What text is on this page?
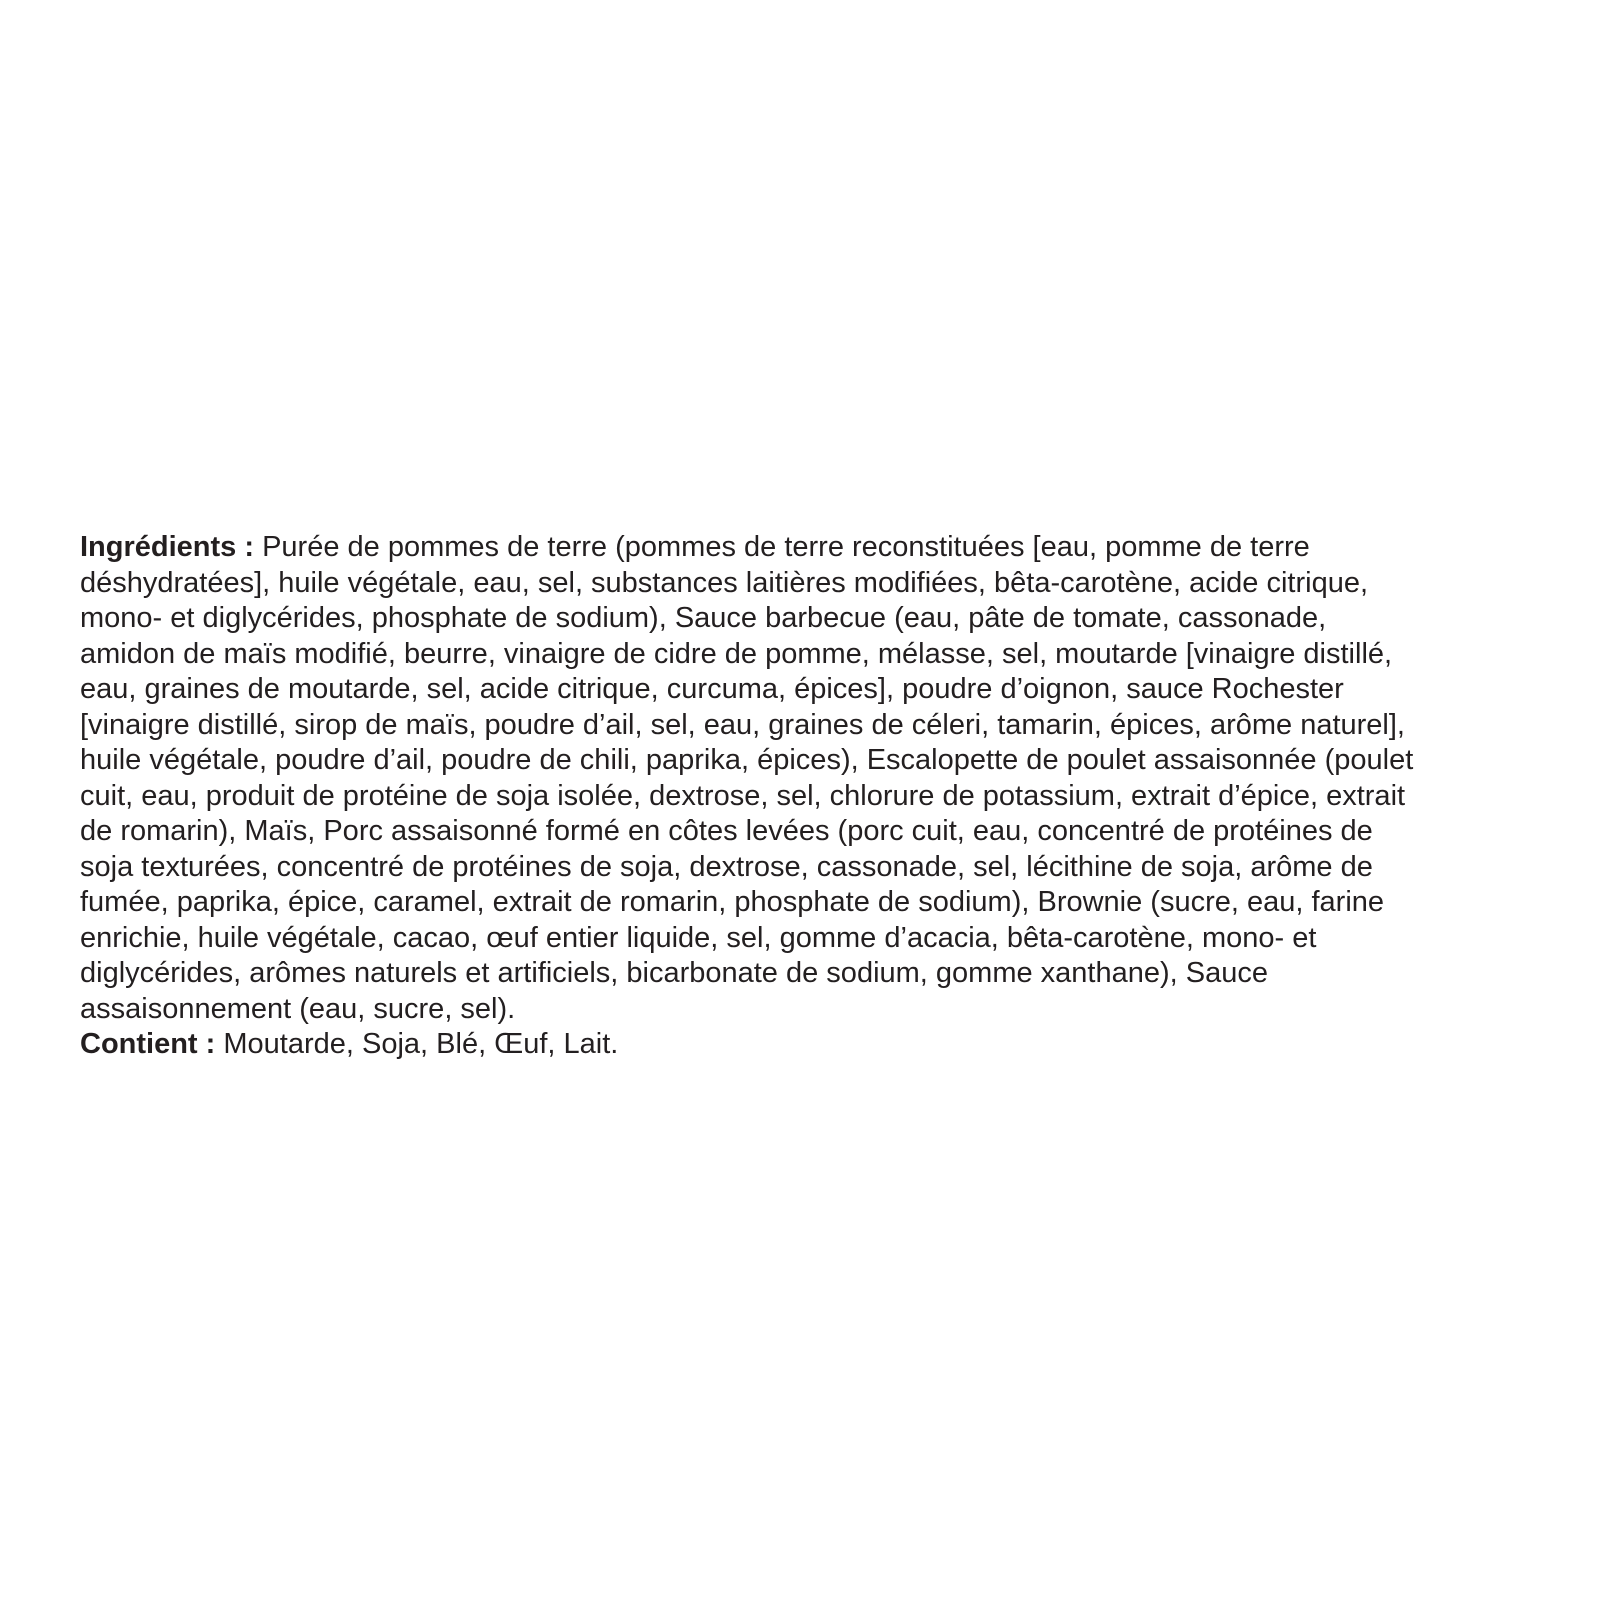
Ingrédients : Purée de pommes de terre (pommes de terre reconstituées [eau, pomme de terre
déshydratées], huile végétale, eau, sel, substances laitières modifiées, bêta-carotène, acide citrique,
mono- et diglycérides, phosphate de sodium), Sauce barbecue (eau, pâte de tomate, cassonade,
amidon de maïs modifié, beurre, vinaigre de cidre de pomme, mélasse, sel, moutarde [vinaigre distillé,
eau, graines de moutarde, sel, acide citrique, curcuma, épices], poudre d’oignon, sauce Rochester
[vinaigre distillé, sirop de maïs, poudre d’ail, sel, eau, graines de céleri, tamarin, épices, arôme naturel],
huile végétale, poudre d’ail, poudre de chili, paprika, épices), Escalopette de poulet assaisonnée (poulet
cuit, eau, produit de protéine de soja isolée, dextrose, sel, chlorure de potassium, extrait d’épice, extrait
de romarin), Maïs, Porc assaisonné formé en côtes levées (porc cuit, eau, concentré de protéines de
soja texturées, concentré de protéines de soja, dextrose, cassonade, sel, lécithine de soja, arôme de
fumée, paprika, épice, caramel, extrait de romarin, phosphate de sodium), Brownie (sucre, eau, farine
enrichie, huile végétale, cacao, œuf entier liquide, sel, gomme d’acacia, bêta-carotène, mono- et
diglycérides, arômes naturels et artificiels, bicarbonate de sodium, gomme xanthane), Sauce
assaisonnement (eau, sucre, sel).

Contient : Moutarde, Soja, Blé, Œuf, Lait.
